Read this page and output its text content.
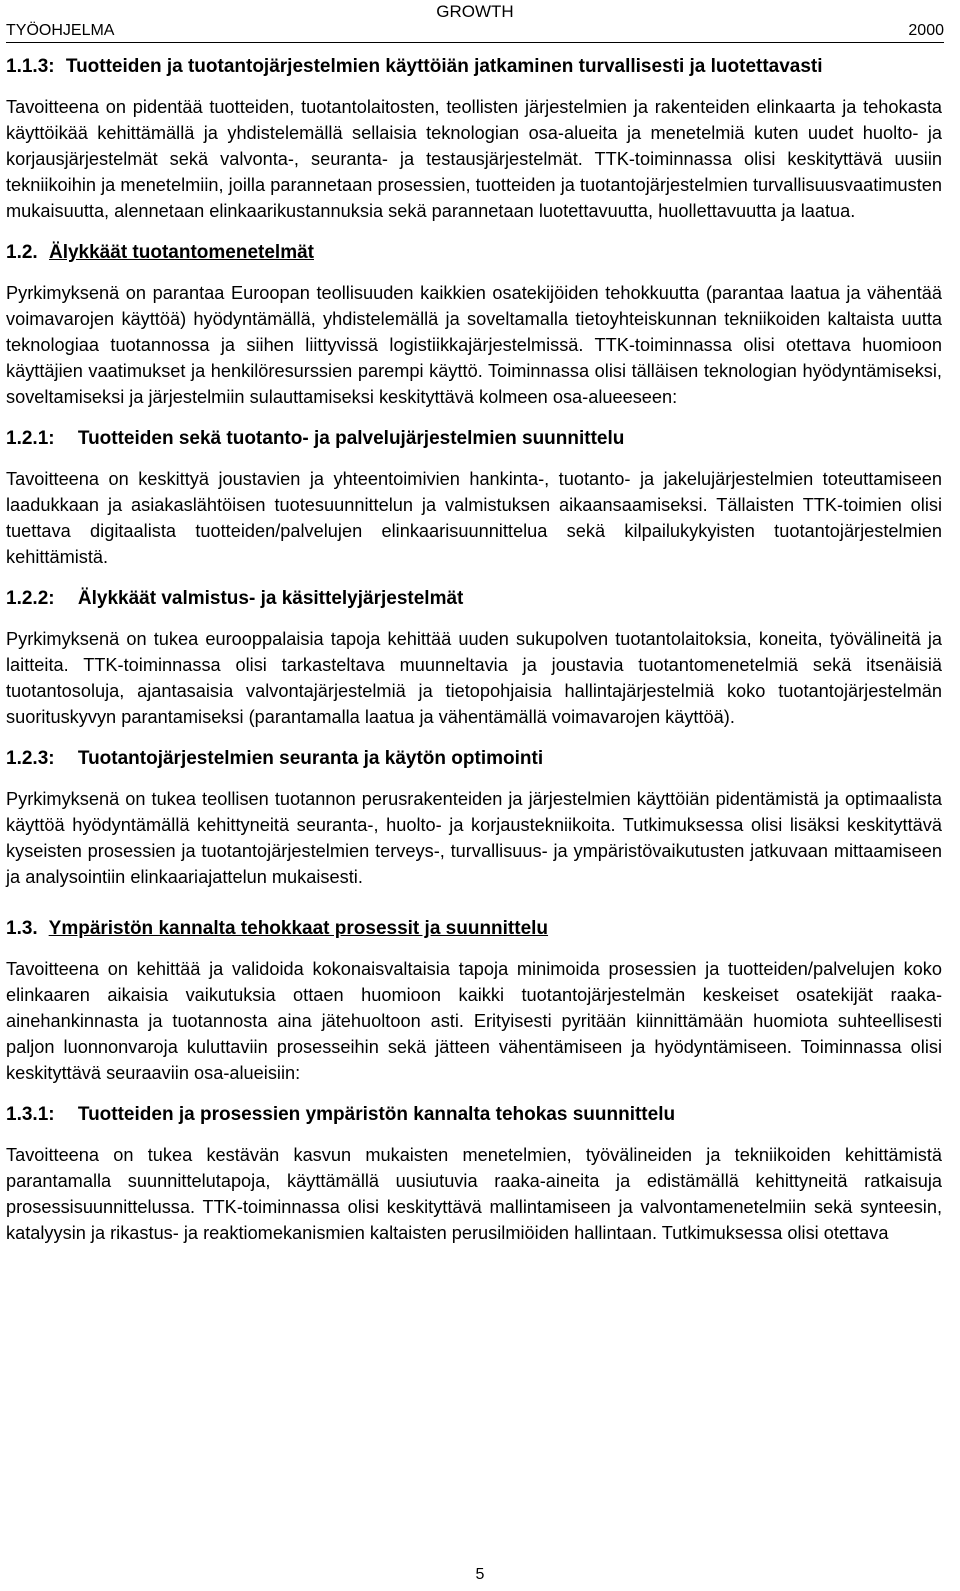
TYÖOHJELMA
GROWTH
2000
1.1.3: Tuotteiden ja tuotantojärjestelmien käyttöiän jatkaminen turvallisesti ja luotettavasti

Tavoitteena on pidentää tuotteiden, tuotantolaitosten, teollisten järjestelmien ja rakenteiden elinkaarta ja tehokasta käyttöikää kehittämällä ja yhdistelemällä sellaisia teknologian osa-alueita ja menetelmiä kuten uudet huolto- ja korjausjärjestelmät sekä valvonta-, seuranta- ja testausjärjestelmät. TTK-toiminnassa olisi keskityttävä uusiin tekniikoihin ja menetelmiin, joilla parannetaan prosessien, tuotteiden ja tuotantojärjestelmien turvallisuusvaatimusten mukaisuutta, alennetaan elinkaarikustannuksia sekä parannetaan luotettavuutta, huollettavuutta ja laatua.

1.2. Älykkäät tuotantomenetelmät

Pyrkimyksenä on parantaa Euroopan teollisuuden kaikkien osatekijöiden tehokkuutta (parantaa laatua ja vähentää voimavarojen käyttöä) hyödyntämällä, yhdistelemällä ja soveltamalla tietoyhteiskunnan tekniikoiden kaltaista uutta teknologiaa tuotannossa ja siihen liittyvissä logistiikkajärjestelmissä. TTK-toiminnassa olisi otettava huomioon käyttäjien vaatimukset ja henkilöresurssien parempi käyttö. Toiminnassa olisi tälläisen teknologian hyödyntämiseksi, soveltamiseksi ja järjestelmiin sulauttamiseksi keskityttävä kolmeen osa-alueeseen:

1.2.1: Tuotteiden sekä tuotanto- ja palvelujärjestelmien suunnittelu

Tavoitteena on keskittyä joustavien ja yhteentoimivien hankinta-, tuotanto- ja jakelujärjestelmien toteuttamiseen laadukkaan ja asiakaslähtöisen tuotesuunnittelun ja valmistuksen aikaansaamiseksi. Tällaisten TTK-toimien olisi tuettava digitaalista tuotteiden/palvelujen elinkaarisuunnittelua sekä kilpailukykyisten tuotantojärjestelmien kehittämistä.

1.2.2: Älykkäät valmistus- ja käsittelyjärjestelmät

Pyrkimyksenä on tukea eurooppalaisia tapoja kehittää uuden sukupolven tuotantolaitoksia, koneita, työvälineitä ja laitteita. TTK-toiminnassa olisi tarkasteltava muunneltavia ja joustavia tuotantomenetelmiä sekä itsenäisiä tuotantosoluja, ajantasaisia valvontajärjestelmiä ja tietopohjaisia hallintajärjestelmiä koko tuotantojärjestelmän suorituskyvyn parantamiseksi (parantamalla laatua ja vähentämällä voimavarojen käyttöä).

1.2.3: Tuotantojärjestelmien seuranta ja käytön optimointi

Pyrkimyksenä on tukea teollisen tuotannon perusrakenteiden ja järjestelmien käyttöiän pidentämistä ja optimaalista käyttöä hyödyntämällä kehittyneitä seuranta-, huolto- ja korjaustekniikoita. Tutkimuksessa olisi lisäksi keskityttävä kyseisten prosessien ja tuotantojärjestelmien terveys-, turvallisuus- ja ympäristövaikutusten jatkuvaan mittaamiseen ja analysointiin elinkaariajattelun mukaisesti.

1.3. Ympäristön kannalta tehokkaat prosessit ja suunnittelu

Tavoitteena on kehittää ja validoida kokonaisvaltaisia tapoja minimoida prosessien ja tuotteiden/palvelujen koko elinkaaren aikaisia vaikutuksia ottaen huomioon kaikki tuotantojärjestelmän keskeiset osatekijät raaka-ainehankinnasta ja tuotannosta aina jätehuoltoon asti. Erityisesti pyritään kiinnittämään huomiota suhteellisesti paljon luonnonvaroja kuluttaviin prosesseihin sekä jätteen vähentämiseen ja hyödyntämiseen. Toiminnassa olisi keskityttävä seuraaviin osa-alueisiin:

1.3.1: Tuotteiden ja prosessien ympäristön kannalta tehokas suunnittelu

Tavoitteena on tukea kestävän kasvun mukaisten menetelmien, työvälineiden ja tekniikoiden kehittämistä parantamalla suunnittelutapoja, käyttämällä uusiutuvia raaka-aineita ja edistämällä kehittyneitä ratkaisuja prosessisuunnittelussa. TTK-toiminnassa olisi keskityttävä mallintamiseen ja valvontamenetelmiin sekä synteesin, katalyysin ja rikastus- ja reaktiomekanismien kaltaisten perusilmiöiden hallintaan. Tutkimuksessa olisi otettava

5
